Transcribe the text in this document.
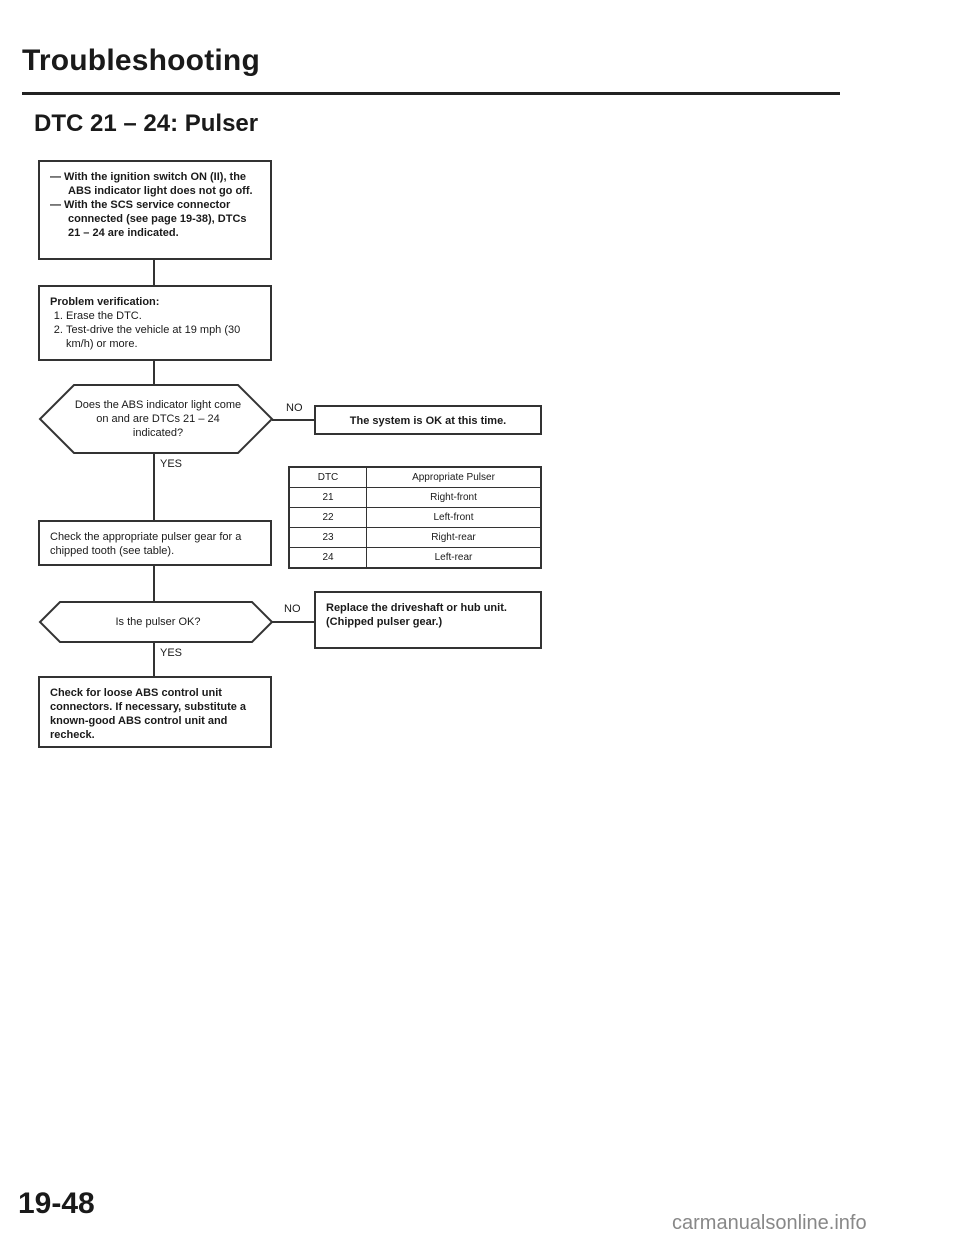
Troubleshooting
DTC 21 – 24: Pulser
— With the ignition switch ON (II), the ABS indicator light does not go off.
— With the SCS service connector connected (see page 19-38), DTCs 21 – 24 are indicated.
Problem verification:
1. Erase the DTC.
2. Test-drive the vehicle at 19 mph (30 km/h) or more.
Does the ABS indicator light come on and are DTCs 21 – 24 indicated?
NO
The system is OK at this time.
YES
DTC	Appropriate Pulser
21	Right-front
22	Left-front
23	Right-rear
24	Left-rear
Check the appropriate pulser gear for a chipped tooth (see table).
Is the pulser OK?
NO	Replace the driveshaft or hub unit. (Chipped pulser gear.)
YES
Check for loose ABS control unit connectors. If necessary, substitute a known-good ABS control unit and recheck.
19-48
carmanualsonline.info
